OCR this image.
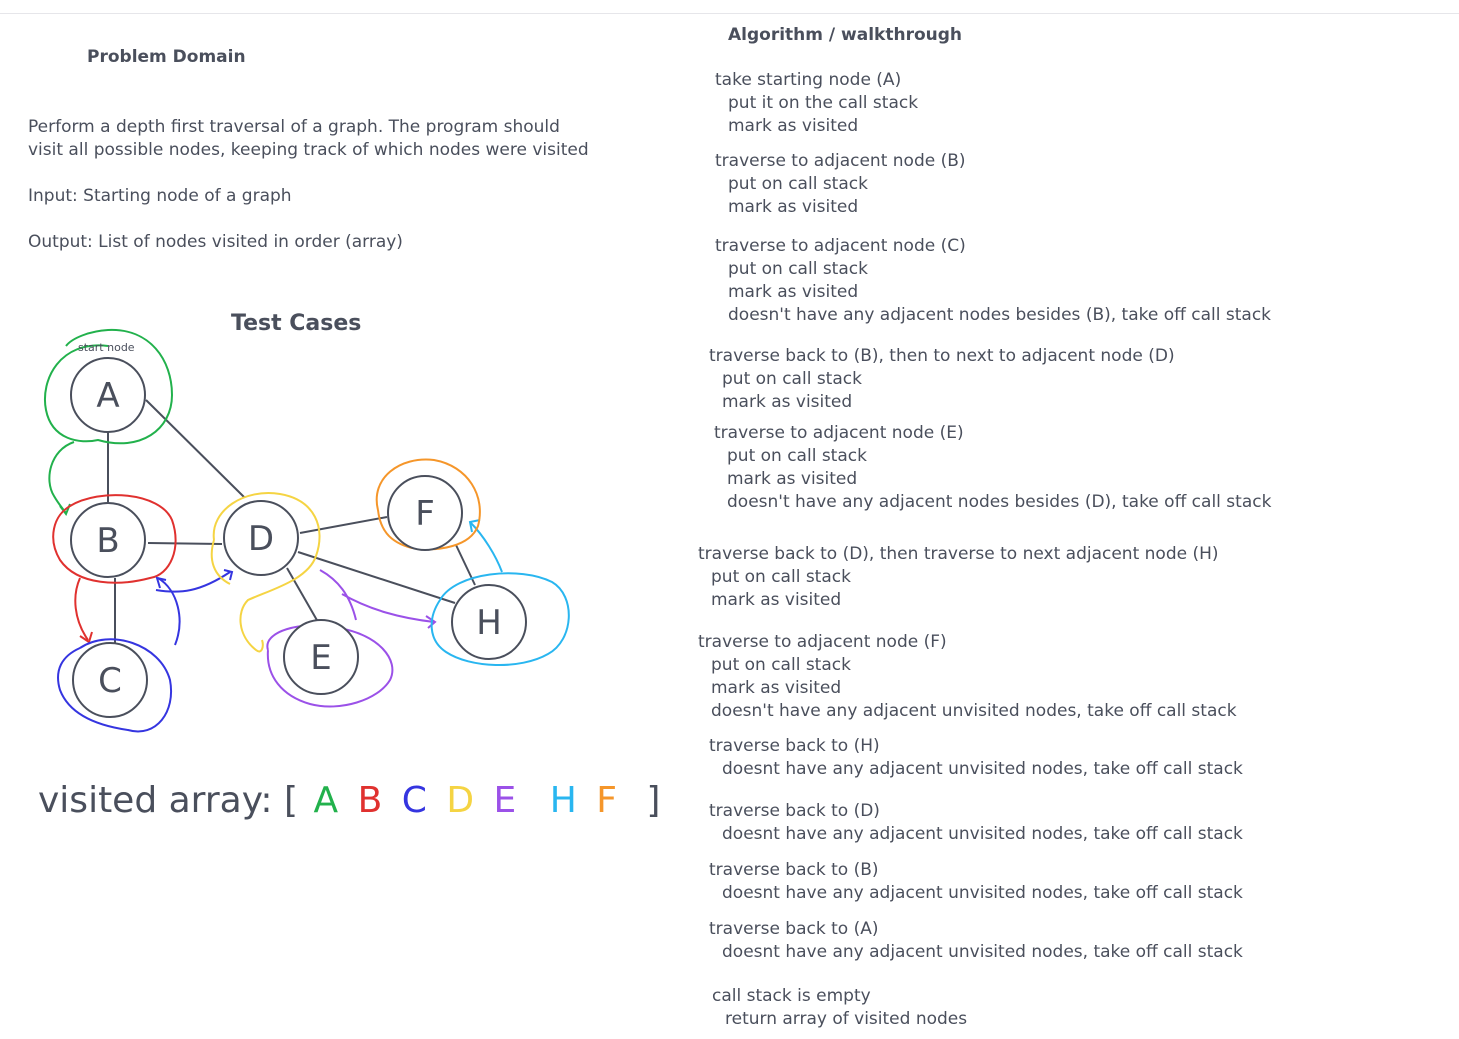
Problem Domain
Perform a depth first traversal of a graph. The program should
visit all possible nodes, keeping track of which nodes were visited
Input: Starting node of a graph
Output: List of nodes visited in order (array)
Test Cases
start node
A
B
C
D
E
F
H
visited array: [ A B C D E H F ]
Algorithm / walkthrough
take starting node (A)
put it on the call stack
mark as visited
traverse to adjacent node (B)
put on call stack
mark as visited
traverse to adjacent node (C)
put on call stack
mark as visited
doesn't have any adjacent nodes besides (B), take off call stack
traverse back to (B), then to next to adjacent node (D)
put on call stack
mark as visited
traverse to adjacent node (E)
put on call stack
mark as visited
doesn't have any adjacent nodes besides (D), take off call stack
traverse back to (D), then traverse to next adjacent node (H)
put on call stack
mark as visited
traverse to adjacent node (F)
put on call stack
mark as visited
doesn't have any adjacent unvisited nodes, take off call stack
traverse back to (H)
doesnt have any adjacent unvisited nodes, take off call stack
traverse back to (D)
doesnt have any adjacent unvisited nodes, take off call stack
traverse back to (B)
doesnt have any adjacent unvisited nodes, take off call stack
traverse back to (A)
doesnt have any adjacent unvisited nodes, take off call stack
call stack is empty
return array of visited nodes
